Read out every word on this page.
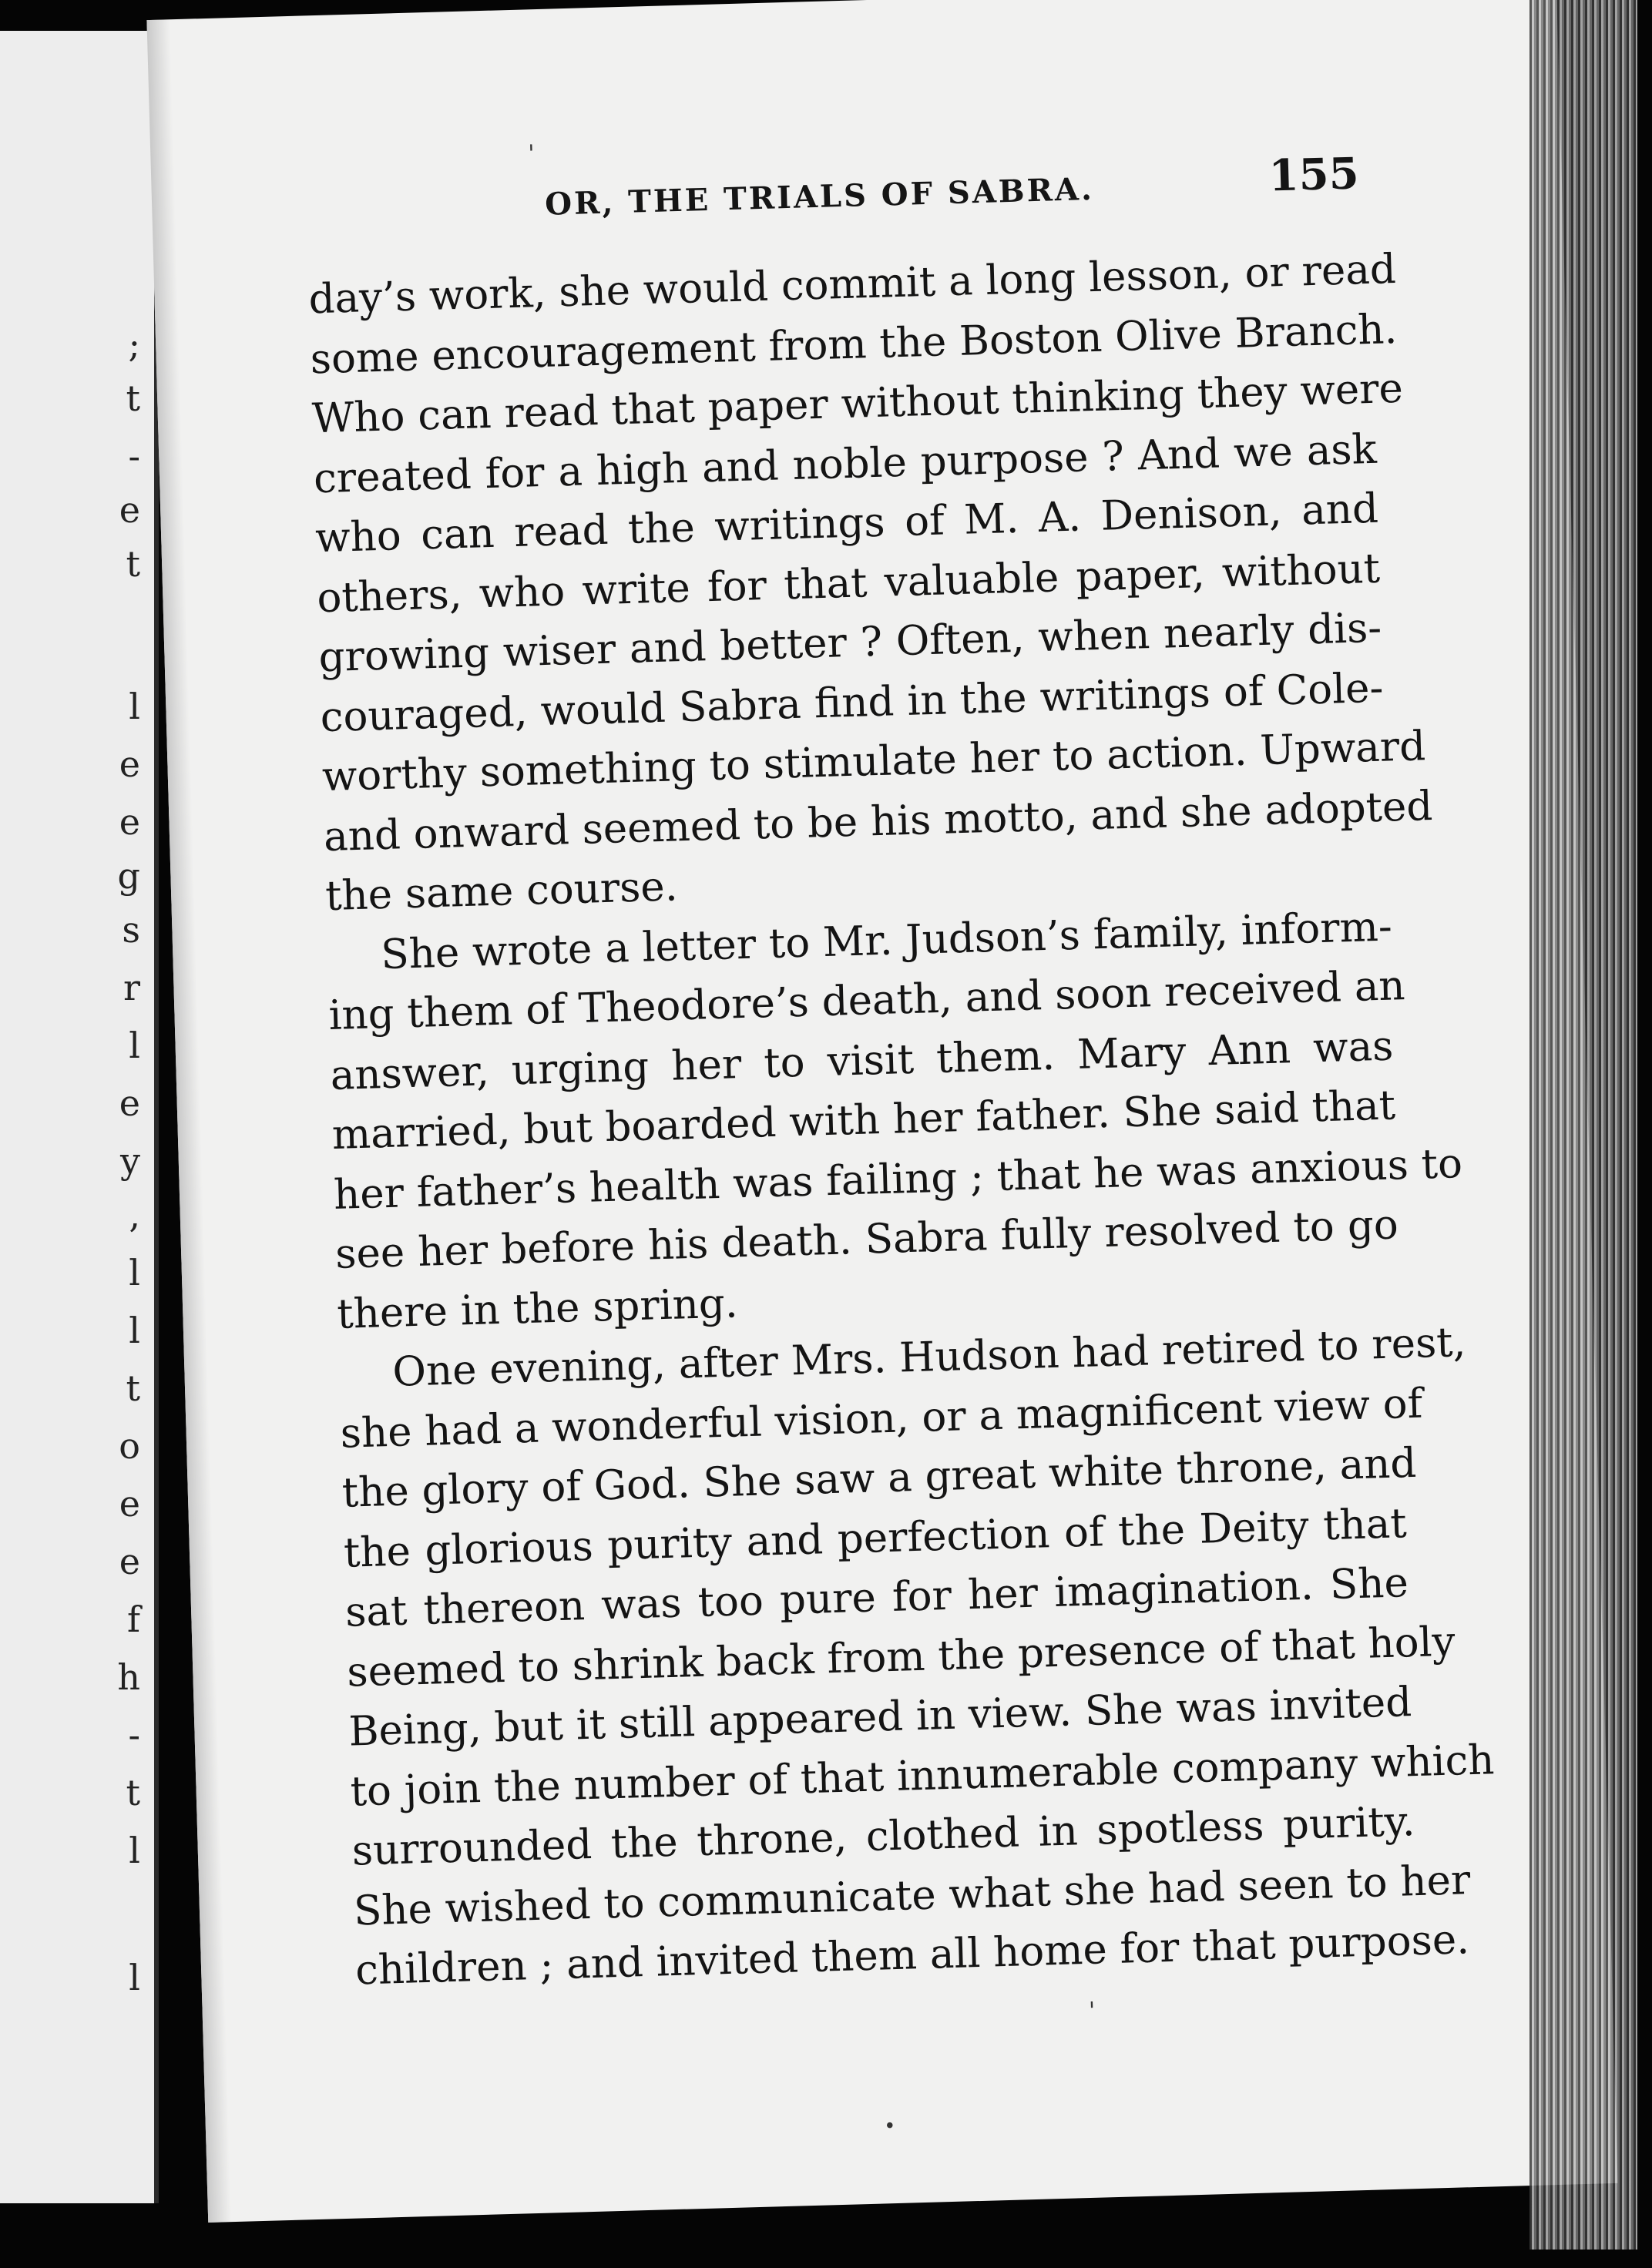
;
t
-
e
t
l
e
e
g
s
r
l
e
y
,
l
l
t
o
e
e
f
h
-
t
l
l
OR, THE TRIALS OF SABRA.	155
day’s work, she would commit a long lesson, or read
some encouragement from the Boston Olive Branch.
Who can read that paper without thinking they were
created for a high and noble purpose ? And we ask
who can read the writings of M. A. Denison, and
others, who write for that valuable paper, without
growing wiser and better ? Often, when nearly dis-
couraged, would Sabra find in the writings of Cole-
worthy something to stimulate her to action. Upward
and onward seemed to be his motto, and she adopted
the same course.
She wrote a letter to Mr. Judson’s family, inform-
ing them of Theodore’s death, and soon received an
answer, urging her to visit them. Mary Ann was
married, but boarded with her father. She said that
her father’s health was failing ; that he was anxious to
see her before his death. Sabra fully resolved to go
there in the spring.
One evening, after Mrs. Hudson had retired to rest,
she had a wonderful vision, or a magnificent view of
the glory of God. She saw a great white throne, and
the glorious purity and perfection of the Deity that
sat thereon was too pure for her imagination. She
seemed to shrink back from the presence of that holy
Being, but it still appeared in view. She was invited
to join the number of that innumerable company which
surrounded the throne, clothed in spotless purity.
She wished to communicate what she had seen to her
children ; and invited them all home for that purpose.
'
'
•
